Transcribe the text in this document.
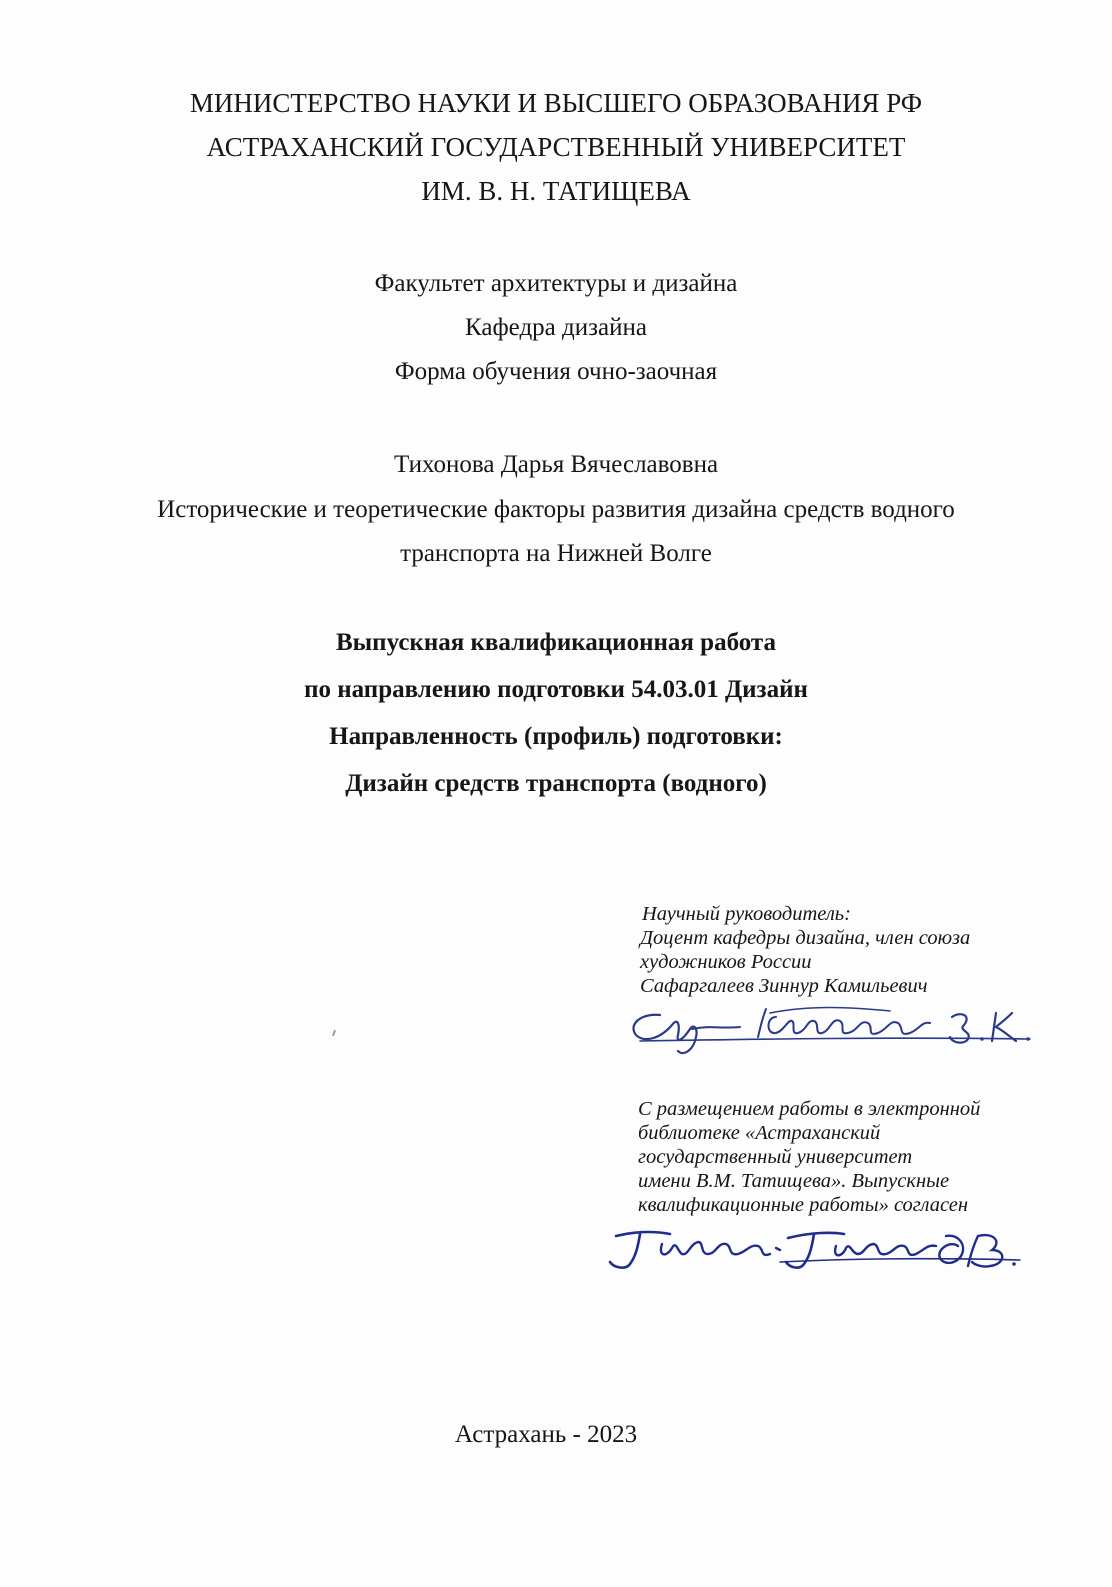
МИНИСТЕРСТВО НАУКИ И ВЫСШЕГО ОБРАЗОВАНИЯ РФ
АСТРАХАНСКИЙ ГОСУДАРСТВЕННЫЙ УНИВЕРСИТЕТ
ИМ. В. Н. ТАТИЩЕВА
Факультет архитектуры и дизайна
Кафедра дизайна
Форма обучения очно-заочная
Тихонова Дарья Вячеславовна
Исторические и теоретические факторы развития дизайна средств водного
транспорта на Нижней Волге
Выпускная квалификационная работа
по направлению подготовки 54.03.01 Дизайн
Направленность (профиль) подготовки:
Дизайн средств транспорта (водного)
Научный руководитель:
Доцент кафедры дизайна, член союза
художников России
Сафаргалеев Зиннур Камильевич
Сафаргалеев З.К.
С размещением работы в электронной
библиотеке «Астраханский
государственный университет
имени В.М. Татищева». Выпускные
квалификационные работы» согласен
Тихонова Д.В.
Астрахань - 2023
